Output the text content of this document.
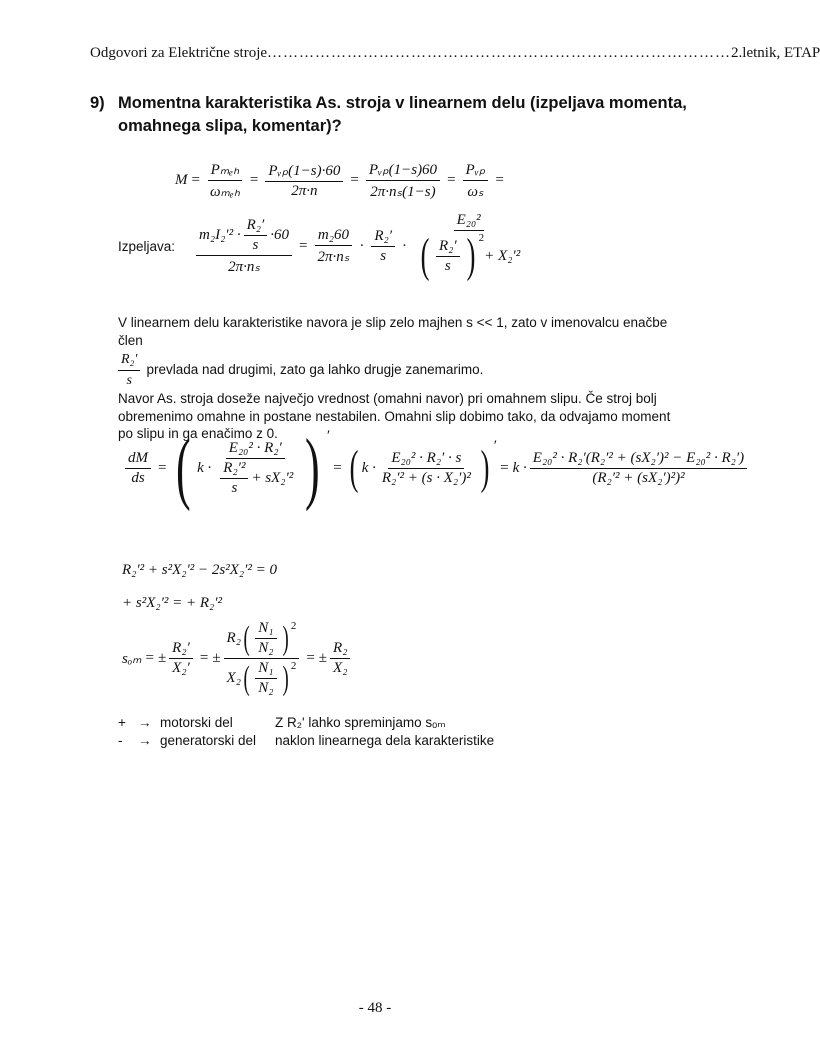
Odgovori za Električne stroje …………………………………………………………………………… 2.letnik, ETAP
9) Momentna karakteristika As. stroja v linearnem delu (izpeljava momenta,
omahnega slipa, komentar)?
$M = \frac{\text{Pₘₑₕ}}{\text{ωₘₑₕ}} = \frac{\text{Pᵥₚ(1−s)·60}}{2\pi\cdot n} = \frac{\text{Pᵥₚ(1−s)60}}{\text{2π·nₛ(1−s)}} = \frac{\text{Pᵥₚ}}{\text{ωₛ}}$ =
Izpeljava: $\frac{m_2I_2'^2 \cdot \frac{\text{R₂′}}{s} \cdot 60}{\text{2π·nₛ}} = \frac{\text{m₂60}}{\text{2π·nₛ}} \cdot \frac{\text{R₂′}}{s} \cdot E_{20}^2$
( $\frac{\text{R₂′}}{s}$ ) $^2$
+ X₂′²
V linearnem delu karakteristike navora je slip zelo majhen s << 1, zato v imenovalcu enačbe člen
$\frac{\text{R₂′}}{s}$ prevlada nad drugimi, zato ga lahko drugje zanemarimo.
Navor As. stroja doseže največjo vrednost (omahni navor) pri omahnem slipu. Če stroj bolj obremenimo omahne in postane nestabilen. Omahni slip dobimo tako, da odvajamo moment po slipu in ga enačimo z 0.
$\frac{dM}{ds}$ = ( $k \cdot \frac{\text{E₂₀² · R₂′}}{\frac{\text{R₂′²}}{s} + sX_2'^2}$ ) ′
= ( $k \cdot \frac{\text{E₂₀² · R₂′ · s}}{\text{R₂′² + (s · X₂′)²}}$ ) ′
= $k \cdot \frac{\text{E₂₀² · R₂′(R₂′² + (sX₂′)² − E₂₀² · R₂′)}}{\text{(R₂′² + (sX₂′)²)²}}$
R₂′² + s²X₂′² − 2s²X₂′² = 0
+ s²X₂′² = + R₂′²
sₒₘ = ± $\frac{\text{R₂′}}{\text{X₂′}}$ = ± $\frac{R_2 ( \frac{\text{N₁}}{\text{N₂}} )^2}{X_2 ( \frac{\text{N₁}}{\text{N₂}} )^2}$ = ± $\frac{\text{R₂}}{\text{X₂}}$
+ → motorski del	Z R₂' lahko spreminjamo sₒₘ
-	→ generatorski del	naklon linearnega dela karakteristike
- 48 -
